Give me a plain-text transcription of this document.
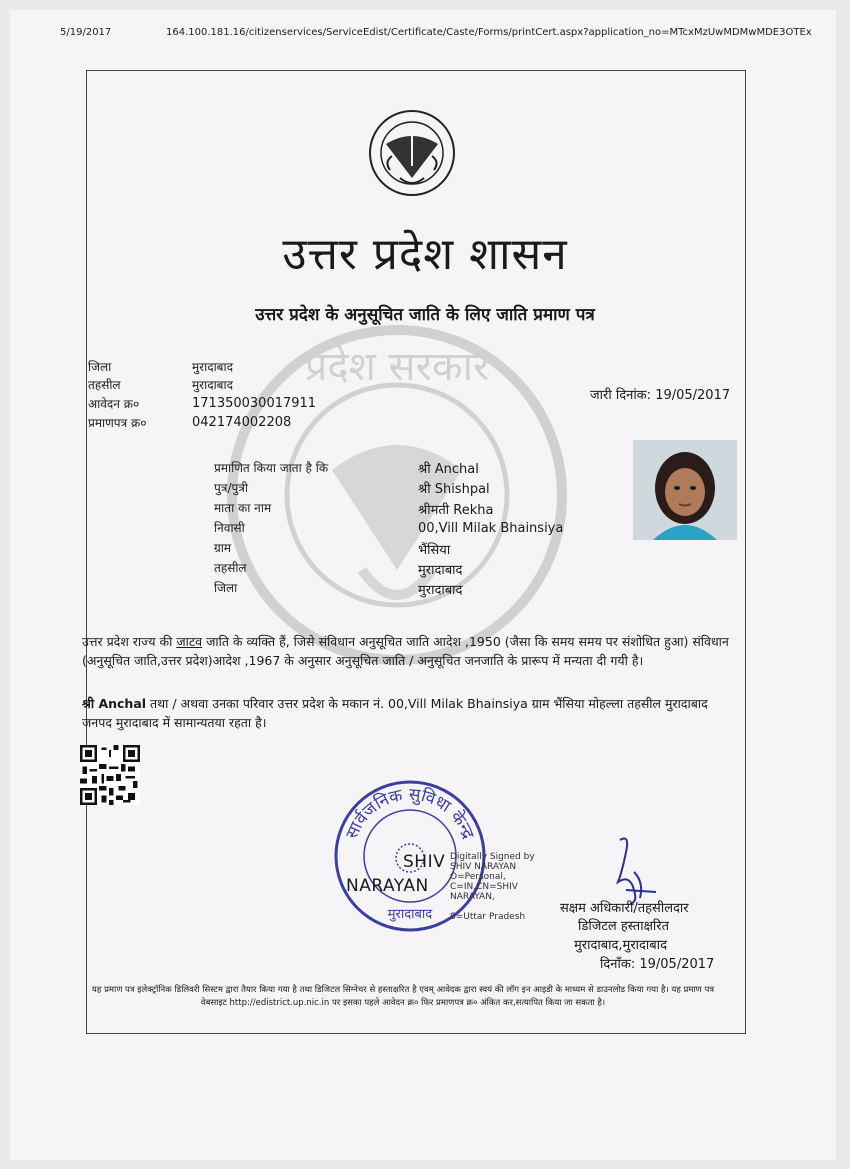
5/19/2017	164.100.181.16/citizenservices/ServiceEdist/Certificate/Caste/Forms/printCert.aspx?application_no=MTcxMzUwMDMwMDE3OTEx
प्रदेश सरकार
उत्तर प्रदेश शासन
उत्तर प्रदेश के अनुसूचित जाति के लिए जाति प्रमाण पत्र
जिला	मुरादाबाद
तहसील	मुरादाबाद
आवेदन क्र०	171350030017911
प्रमाणपत्र क्र०	042174002208
जारी दिनांक: 19/05/2017
प्रमाणित किया जाता है कि	श्री Anchal
पुत्र/पुत्री	श्री Shishpal
माता का नाम	श्रीमती Rekha
निवासी	00,Vill Milak Bhainsiya
ग्राम	भैंसिया
तहसील	मुरादाबाद
जिला	मुरादाबाद
उत्तर प्रदेश राज्य की जाटव जाति के व्यक्ति हैं, जिसे संविधान अनुसूचित जाति आदेश ,1950 (जैसा कि समय समय पर संशोधित हुआ) संविधान (अनुसूचित जाति,उत्तर प्रदेश)आदेश ,1967 के अनुसार अनुसूचित जाति / अनुसूचित जनजाति के प्रारूप में मन्यता दी गयी है।
श्री Anchal तथा / अथवा उनका परिवार उत्तर प्रदेश के मकान नं. 00,Vill Milak Bhainsiya ग्राम भैंसिया मोहल्ला तहसील मुरादाबाद जनपद मुरादाबाद में सामान्यतया रहता है।
सार्वजनिक सुविधा केन्द्र
मुरादाबाद
SHIV
NARAYAN
Digitally Signed by
SHIV NARAYAN
O=Personal,
C=IN,CN=SHIV
NARAYAN,
S=Uttar Pradesh
सक्षम अधिकारी/तहसीलदार
डिजिटल हस्ताक्षरित
मुरादाबाद,मुरादाबाद
दिनाँक: 19/05/2017
यह प्रमाण पत्र इलेक्ट्रॉनिक डिलिवरी सिस्टम द्वारा तैयार किया गया है तथा डिजिटल सिग्नेचर से हस्ताक्षरित है एवम् आवेदक द्वारा स्वयं की लॉग इन आइडी के माध्यम से डाउनलोड किया गया है। यह प्रमाण पत्र वेबसाइट http://edistrict.up.nic.in पर इसका पहले आवेदन क्र० फिर प्रमाणपत्र क्र० अंकित कर,सत्यापित किया जा सकता है।
